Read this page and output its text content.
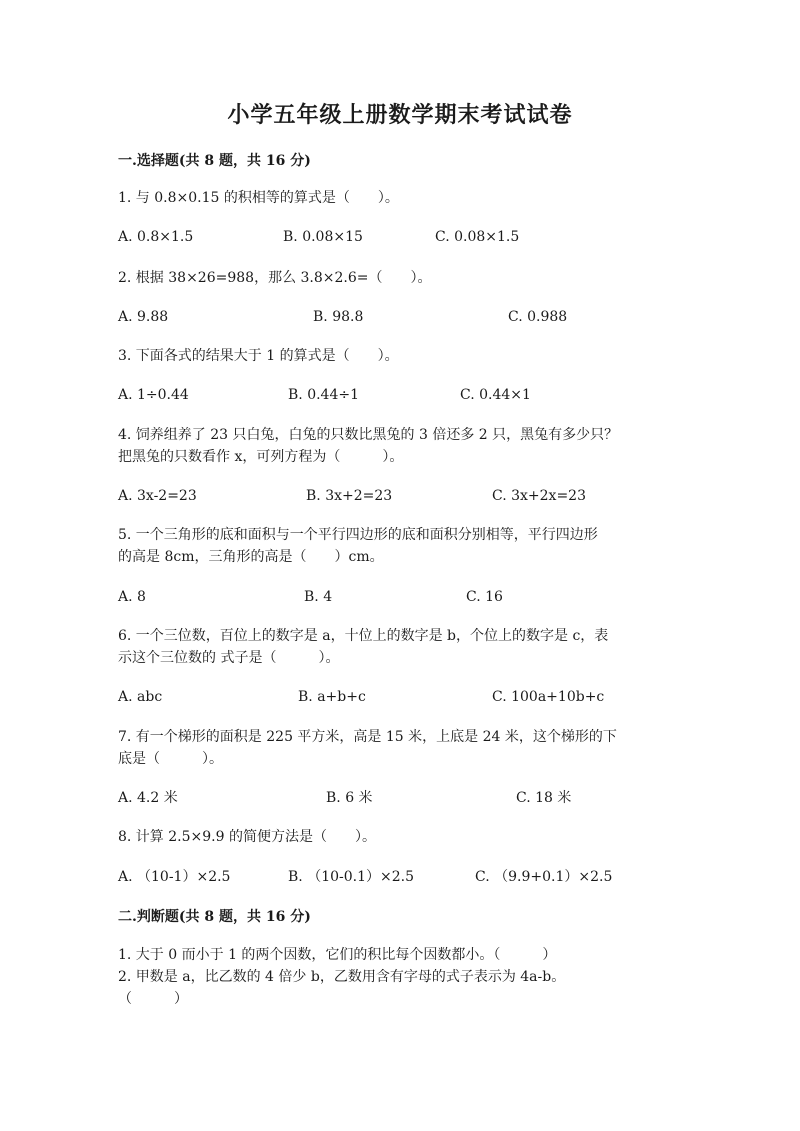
小学五年级上册数学期末考试试卷
一.选择题(共 8 题，共 16 分)
1. 与 0.8×0.15 的积相等的算式是（　　）。
A. 0.8×1.5	B. 0.08×15	C. 0.08×1.5
2. 根据 38×26=988，那么 3.8×2.6=（　　）。
A. 9.88	B. 98.8	C. 0.988
3. 下面各式的结果大于 1 的算式是（　　）。
A. 1÷0.44	B. 0.44÷1	C. 0.44×1
4. 饲养组养了 23 只白兔，白兔的只数比黑兔的 3 倍还多 2 只，黑兔有多少只？
把黑兔的只数看作 x，可列方程为（　　　）。
A. 3x-2=23	B. 3x+2=23	C. 3x+2x=23
5. 一个三角形的底和面积与一个平行四边形的底和面积分别相等，平行四边形
的高是 8cm，三角形的高是（　　）cm。
A. 8	B. 4	C. 16
6. 一个三位数，百位上的数字是 a，十位上的数字是 b，个位上的数字是 c，表
示这个三位数的 式子是（　　　）。
A. abc	B. a+b+c	C. 100a+10b+c
7. 有一个梯形的面积是 225 平方米，高是 15 米，上底是 24 米，这个梯形的下
底是（　　　）。
A. 4.2 米	B. 6 米	C. 18 米
8. 计算 2.5×9.9 的简便方法是（　　）。
A. （10-1）×2.5	B. （10-0.1）×2.5	C. （9.9+0.1）×2.5
二.判断题(共 8 题，共 16 分)
1. 大于 0 而小于 1 的两个因数，它们的积比每个因数都小。（　　　）
2. 甲数是 a，比乙数的 4 倍少 b，乙数用含有字母的式子表示为 4a-b。
（　　　）
